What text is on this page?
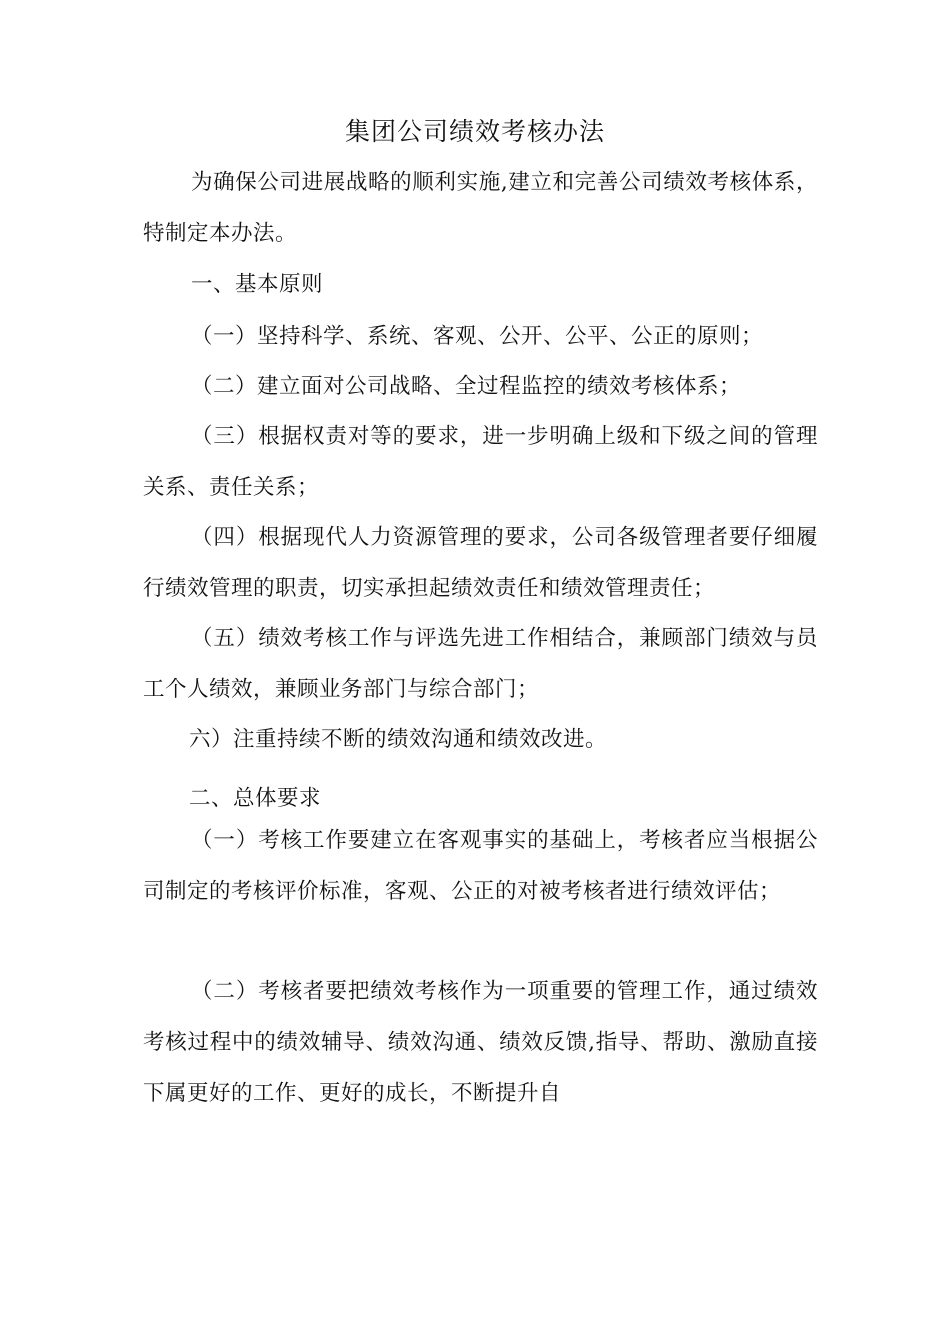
集团公司绩效考核办法

为确保公司进展战略的顺利实施,建立和完善公司绩效考核体系，特制定本办法。

一、基本原则

（一）坚持科学、系统、客观、公开、公平、公正的原则；

（二）建立面对公司战略、全过程监控的绩效考核体系；

（三）根据权责对等的要求，进一步明确上级和下级之间的管理关系、责任关系；

（四）根据现代人力资源管理的要求，公司各级管理者要仔细履行绩效管理的职责，切实承担起绩效责任和绩效管理责任；

（五）绩效考核工作与评选先进工作相结合，兼顾部门绩效与员工个人绩效，兼顾业务部门与综合部门；

六）注重持续不断的绩效沟通和绩效改进。

二、总体要求

（一）考核工作要建立在客观事实的基础上，考核者应当根据公司制定的考核评价标准，客观、公正的对被考核者进行绩效评估；

（二）考核者要把绩效考核作为一项重要的管理工作，通过绩效考核过程中的绩效辅导、绩效沟通、绩效反馈,指导、帮助、激励直接下属更好的工作、更好的成长，不断提升自
